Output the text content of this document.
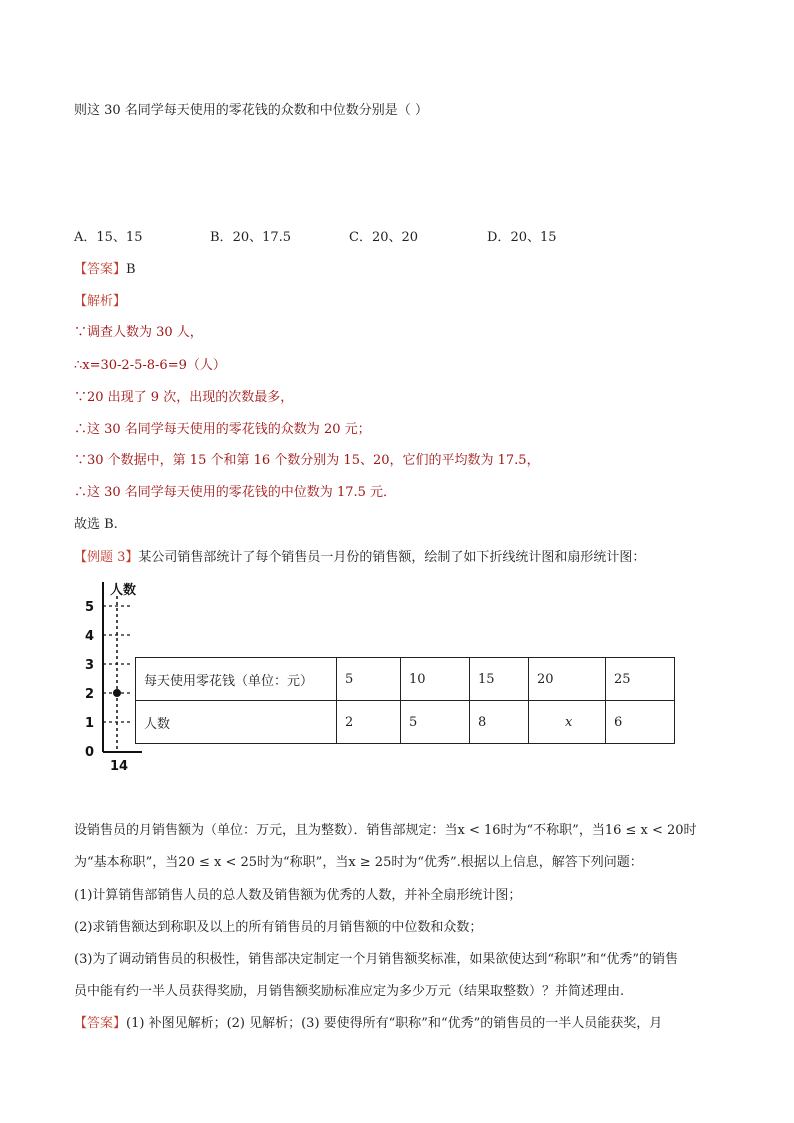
则这 30 名同学每天使用的零花钱的众数和中位数分别是（ ）
A．15、15	B．20、17.5	C．20、20	D．20、15
【答案】B
【解析】
∵调查人数为 30 人，
∴x=30-2-5-8-6=9（人）
∵20 出现了 9 次，出现的次数最多，
∴这 30 名同学每天使用的零花钱的众数为 20 元；
∵30 个数据中，第 15 个和第 16 个数分别为 15、20，它们的平均数为 17.5，
∴这 30 名同学每天使用的零花钱的中位数为 17.5 元．
故选 B.
【例题 3】某公司销售部统计了每个销售员一月份的销售额，绘制了如下折线统计图和扇形统计图：
人数
5
4
3
2
1
0
14
每天使用零花钱（单位：元）	5	10	15	20	25
人数	2	5	8	x	6
设销售员的月销售额为（单位：万元，且为整数）．销售部规定：当x < 16时为“不称职”，当16 ≤ x < 20时
为“基本称职”，当20 ≤ x < 25时为“称职”，当x ≥ 25时为“优秀”.根据以上信息，解答下列问题：
(1)计算销售部销售人员的总人数及销售额为优秀的人数，并补全扇形统计图；
(2)求销售额达到称职及以上的所有销售员的月销售额的中位数和众数；
(3)为了调动销售员的积极性，销售部决定制定一个月销售额奖标准，如果欲使达到“称职”和“优秀”的销售
员中能有约一半人员获得奖励，月销售额奖励标准应定为多少万元（结果取整数）？并简述理由.
【答案】(1) 补图见解析；(2) 见解析；(3) 要使得所有“职称”和“优秀”的销售员的一半人员能获奖，月
